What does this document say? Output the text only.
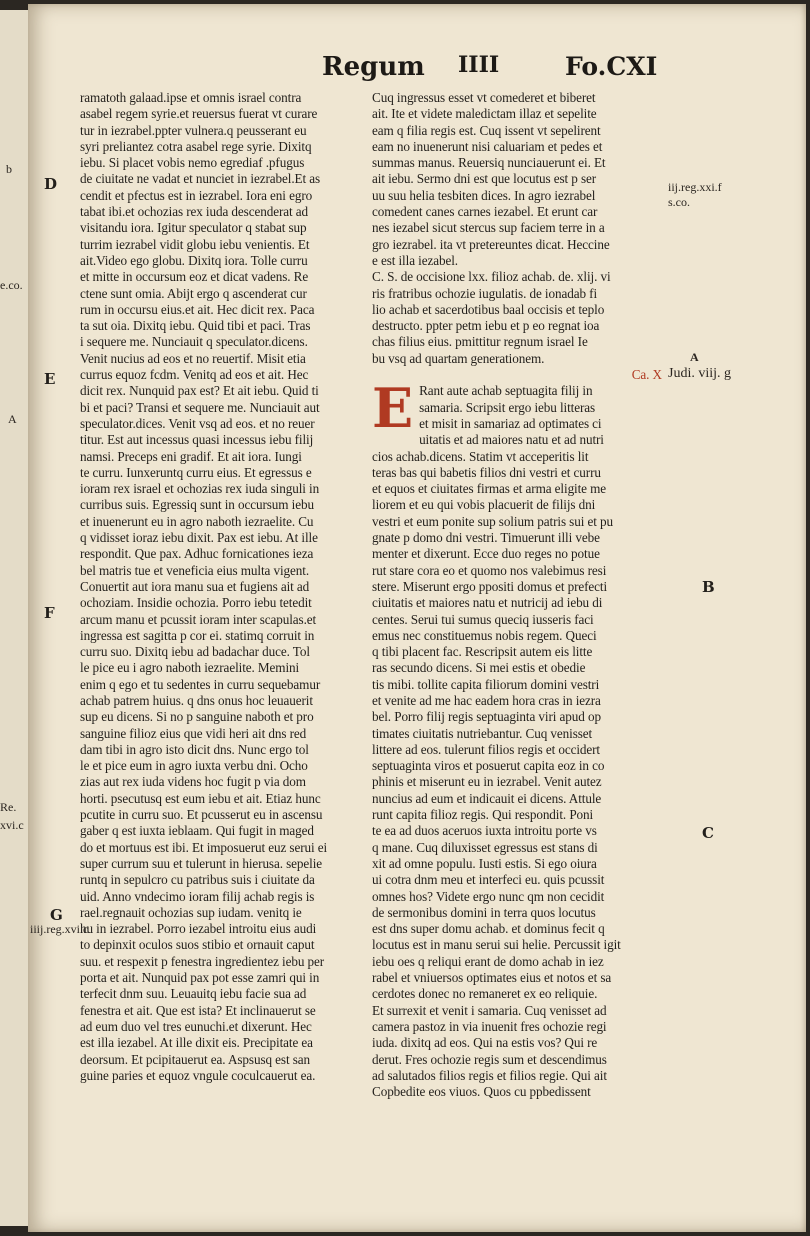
b
e.co.
A
Re.
xvi.c
Regum IIII	Fo.CXI
D
E
F
G
iiij.reg.xvi.c
iij.reg.xxi.f
s.co.
A
Judi. viij. g
B
C
ramatoth galaad.ipse et omnis israel contra
asabel regem syrie.et reuersus fuerat vt curare
tur in iezrabel.ppter vulnera.q peusserant eu
syri preliantez cotra asabel rege syrie. Dixitq
iebu. Si placet vobis nemo egrediaf .pfugus
de ciuitate ne vadat et nunciet in iezrabel.Et as
cendit et pfectus est in iezrabel. Iora eni egro
tabat ibi.et ochozias rex iuda descenderat ad
visitandu iora. Igitur speculator q stabat sup
turrim iezrabel vidit globu iebu venientis. Et
ait.Video ego globu. Dixitq iora. Tolle curru
et mitte in occursum eoz et dicat vadens. Re
ctene sunt omia. Abijt ergo q ascenderat cur
rum in occursu eius.et ait. Hec dicit rex. Paca
ta sut oia. Dixitq iebu. Quid tibi et paci. Tras
i sequere me. Nunciauit q speculator.dicens.
Venit nucius ad eos et no reuertif. Misit etia
currus equoz fcdm. Venitq ad eos et ait. Hec
dicit rex. Nunquid pax est? Et ait iebu. Quid ti
bi et paci? Transi et sequere me. Nunciauit aut
speculator.dices. Venit vsq ad eos. et no reuer
titur. Est aut incessus quasi incessus iebu filij
namsi. Preceps eni gradif. Et ait iora. Iungi
te curru. Iunxeruntq curru eius. Et egressus e
ioram rex israel et ochozias rex iuda singuli in
curribus suis. Egressiq sunt in occursum iebu
et inuenerunt eu in agro naboth iezraelite. Cu
q vidisset ioraz iebu dixit. Pax est iebu. At ille
respondit. Que pax. Adhuc fornicationes ieza
bel matris tue et veneficia eius multa vigent.
Conuertit aut iora manu sua et fugiens ait ad
ochoziam. Insidie ochozia. Porro iebu tetedit
arcum manu et pcussit ioram inter scapulas.et
ingressa est sagitta p cor ei. statimq corruit in
curru suo. Dixitq iebu ad badachar duce. Tol
le pice eu i agro naboth iezraelite. Memini
enim q ego et tu sedentes in curru sequebamur
achab patrem huius. q dns onus hoc leuauerit
sup eu dicens. Si no p sanguine naboth et pro
sanguine filioz eius que vidi heri ait dns red
dam tibi in agro isto dicit dns. Nunc ergo tol
le et pice eum in agro iuxta verbu dni. Ocho
zias aut rex iuda videns hoc fugit p via dom
horti. psecutusq est eum iebu et ait. Etiaz hunc
pcutite in curru suo. Et pcusserut eu in ascensu
gaber q est iuxta ieblaam. Qui fugit in maged
do et mortuus est ibi. Et imposuerut euz serui ei
super currum suu et tulerunt in hierusa. sepelie
runtq in sepulcro cu patribus suis i ciuitate da
uid. Anno vndecimo ioram filij achab regis is
rael.regnauit ochozias sup iudam. venitq ie
hu in iezrabel. Porro iezabel introitu eius audi
to depinxit oculos suos stibio et ornauit caput
suu. et respexit p fenestra ingredientez iebu per
porta et ait. Nunquid pax pot esse zamri qui in
terfecit dnm suu. Leuauitq iebu facie sua ad
fenestra et ait. Que est ista? Et inclinauerut se
ad eum duo vel tres eunuchi.et dixerunt. Hec
est illa iezabel. At ille dixit eis. Precipitate ea
deorsum. Et pcipitauerut ea. Aspsusq est san
guine paries et equoz vngule coculcauerut ea.
Cuq ingressus esset vt comederet et biberet
ait. Ite et videte maledictam illaz et sepelite
eam q filia regis est. Cuq issent vt sepelirent
eam no inuenerunt nisi caluariam et pedes et
summas manus. Reuersiq nunciauerunt ei. Et
ait iebu. Sermo dni est que locutus est p ser
uu suu helia tesbiten dices. In agro iezrabel
comedent canes carnes iezabel. Et erunt car
nes iezabel sicut stercus sup faciem terre in a
gro iezrabel. ita vt pretereuntes dicat. Heccine
e est illa iezabel.
C. S. de occisione lxx. filioz achab. de. xlij. vi
ris fratribus ochozie iugulatis. de ionadab fi
lio achab et sacerdotibus baal occisis et teplo
destructo. ppter petm iebu et p eo regnat ioa
chas filius eius. pmittitur regnum israel Ie
bu vsq ad quartam generationem.
Ca. X
E Rant aute achab septuagita filij in
samaria. Scripsit ergo iebu litteras
et misit in samariaz ad optimates ci
uitatis et ad maiores natu et ad nutri
cios achab.dicens. Statim vt acceperitis lit
teras bas qui babetis filios dni vestri et curru
et equos et ciuitates firmas et arma eligite me
liorem et eu qui vobis placuerit de filijs dni
vestri et eum ponite sup solium patris sui et pu
gnate p domo dni vestri. Timuerunt illi vebe
menter et dixerunt. Ecce duo reges no potue
rut stare cora eo et quomo nos valebimus resi
stere. Miserunt ergo ppositi domus et prefecti
ciuitatis et maiores natu et nutricij ad iebu di
centes. Serui tui sumus queciq iusseris faci
emus nec constituemus nobis regem. Queci
q tibi placent fac. Rescripsit autem eis litte
ras secundo dicens. Si mei estis et obedie
tis mibi. tollite capita filiorum domini vestri
et venite ad me hac eadem hora cras in iezra
bel. Porro filij regis septuaginta viri apud op
timates ciuitatis nutriebantur. Cuq venisset
littere ad eos. tulerunt filios regis et occidert
septuaginta viros et posuerut capita eoz in co
phinis et miserunt eu in iezrabel. Venit autez
nuncius ad eum et indicauit ei dicens. Attule
runt capita filioz regis. Qui respondit. Poni
te ea ad duos aceruos iuxta introitu porte vs
q mane. Cuq diluxisset egressus est stans di
xit ad omne populu. Iusti estis. Si ego oiura
ui cotra dnm meu et interfeci eu. quis pcussit
omnes hos? Videte ergo nunc qm non cecidit
de sermonibus domini in terra quos locutus
est dns super domu achab. et dominus fecit q
locutus est in manu serui sui helie. Percussit igit
iebu oes q reliqui erant de domo achab in iez
rabel et vniuersos optimates eius et notos et sa
cerdotes donec no remaneret ex eo reliquie.
Et surrexit et venit i samaria. Cuq venisset ad
camera pastoz in via inuenit fres ochozie regi
iuda. dixitq ad eos. Qui na estis vos? Qui re
derut. Fres ochozie regis sum et descendimus
ad salutados filios regis et filios regie. Qui ait
Copbedite eos viuos. Quos cu ppbedissent
